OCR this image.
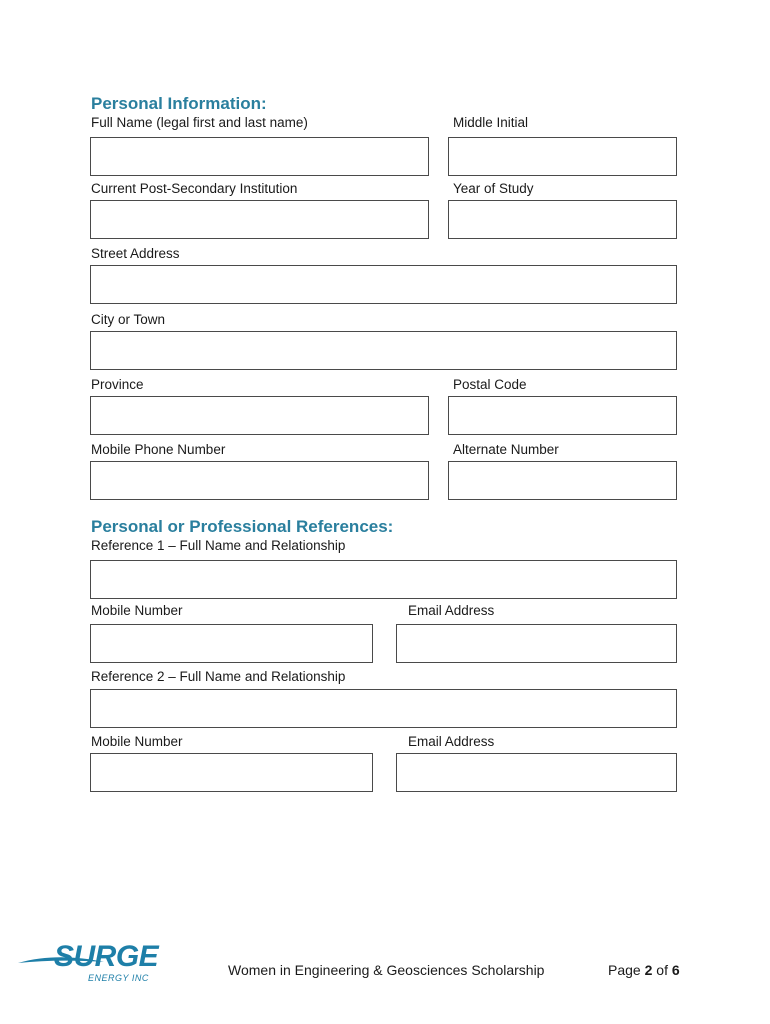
Personal Information:
Full Name (legal first and last name)	Middle Initial
Current Post-Secondary Institution	Year of Study
Street Address
City or Town
Province	Postal Code
Mobile Phone Number	Alternate Number
Personal or Professional References:
Reference 1 – Full Name and Relationship
Mobile Number	Email Address
Reference 2 – Full Name and Relationship
Mobile Number	Email Address
SURGE
ENERGY INC	Women in Engineering & Geosciences Scholarship	Page 2 of 6
